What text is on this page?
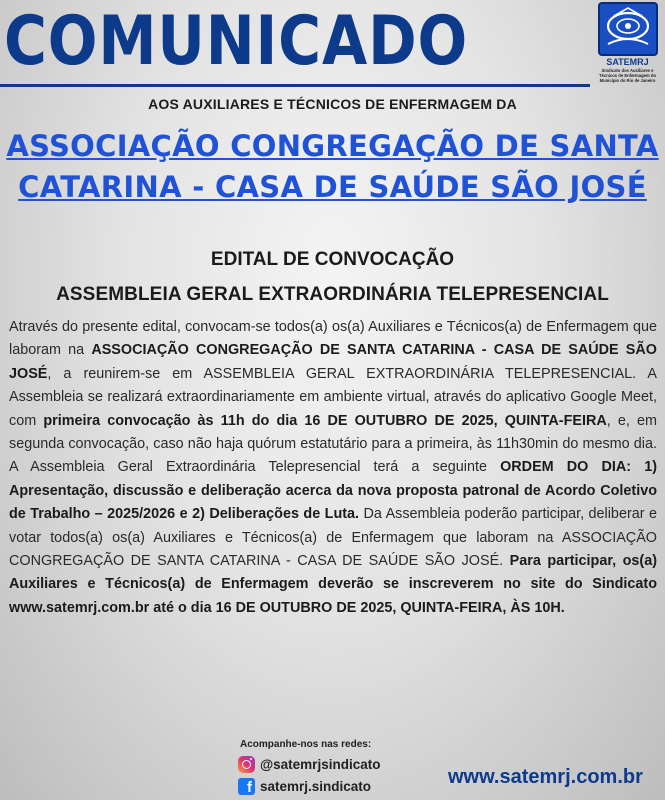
COMUNICADO	SATEMRJ
Sindicato dos Auxiliares e Técnicos de Enfermagem do Município do Rio de Janeiro
AOS AUXILIARES E TÉCNICOS DE ENFERMAGEM DA
ASSOCIAÇÃO CONGREGAÇÃO DE SANTA
CATARINA - CASA DE SAÚDE SÃO JOSÉ
EDITAL DE CONVOCAÇÃO
ASSEMBLEIA GERAL EXTRAORDINÁRIA TELEPRESENCIAL
Através do presente edital, convocam-se todos(a) os(a) Auxiliares e Técnicos(a) de Enfermagem que laboram na ASSOCIAÇÃO CONGREGAÇÃO DE SANTA CATARINA - CASA DE SAÚDE SÃO JOSÉ, a reunirem-se em ASSEMBLEIA GERAL EXTRAORDINÁRIA TELEPRESENCIAL. A Assembleia se realizará extraordinariamente em ambiente virtual, através do aplicativo Google Meet, com primeira convocação às 11h do dia 16 DE OUTUBRO DE 2025, QUINTA-FEIRA, e, em segunda convocação, caso não haja quórum estatutário para a primeira, às 11h30min do mesmo dia. A Assembleia Geral Extraordinária Telepresencial terá a seguinte ORDEM DO DIA: 1) Apresentação, discussão e deliberação acerca da nova proposta patronal de Acordo Coletivo de Trabalho – 2025/2026 e 2) Deliberações de Luta. Da Assembleia poderão participar, deliberar e votar todos(a) os(a) Auxiliares e Técnicos(a) de Enfermagem que laboram na ASSOCIAÇÃO CONGREGAÇÃO DE SANTA CATARINA - CASA DE SAÚDE SÃO JOSÉ. Para participar, os(a) Auxiliares e Técnicos(a) de Enfermagem deverão se inscreverem no site do Sindicato www.satemrj.com.br até o dia 16 DE OUTUBRO DE 2025, QUINTA-FEIRA, ÀS 10H.
Acompanhe-nos nas redes:
@satemrjsindicato
f satemrj.sindicato	www.satemrj.com.br
